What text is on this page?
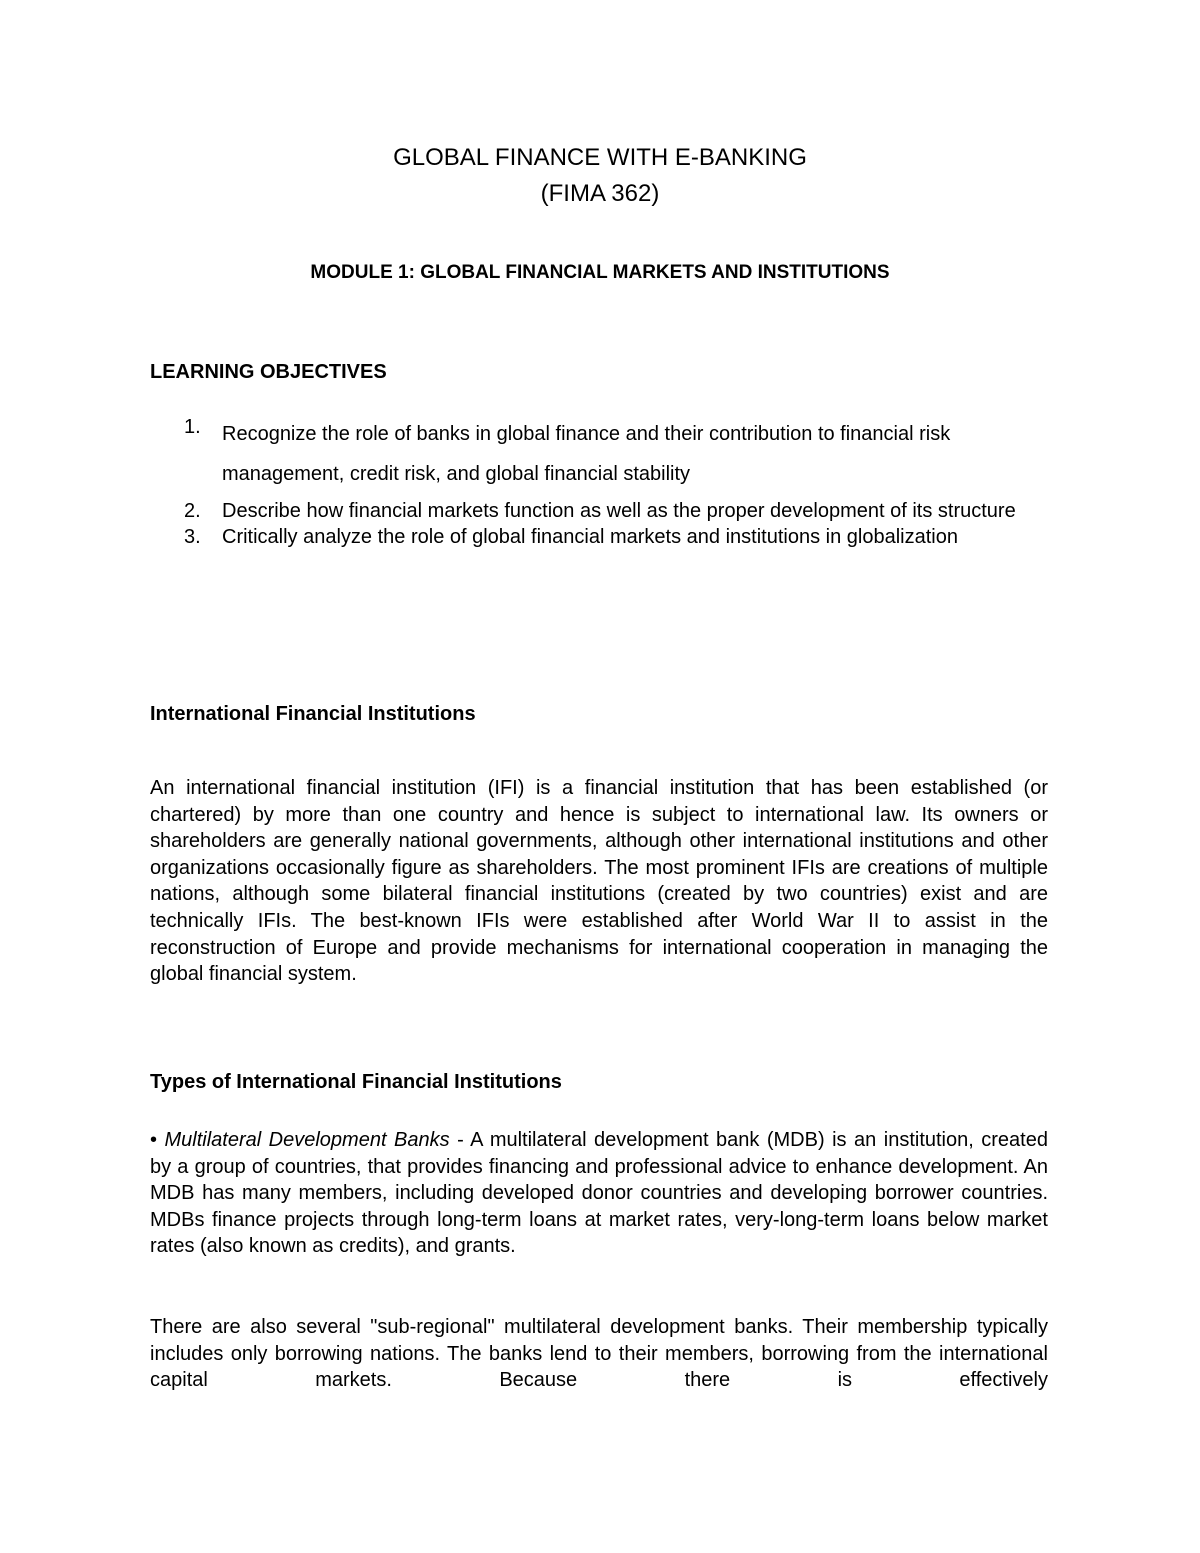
GLOBAL FINANCE WITH E-BANKING
(FIMA 362)
MODULE 1: GLOBAL FINANCIAL MARKETS AND INSTITUTIONS
LEARNING OBJECTIVES
1. Recognize the role of banks in global finance and their contribution to financial risk management, credit risk, and global financial stability
2. Describe how financial markets function as well as the proper development of its structure
3. Critically analyze the role of global financial markets and institutions in globalization
International Financial Institutions

An international financial institution (IFI) is a financial institution that has been established (or chartered) by more than one country and hence is subject to international law. Its owners or shareholders are generally national governments, although other international institutions and other organizations occasionally figure as shareholders. The most prominent IFIs are creations of multiple nations, although some bilateral financial institutions (created by two countries) exist and are technically IFIs. The best-known IFIs were established after World War II to assist in the reconstruction of Europe and provide mechanisms for international cooperation in managing the global financial system.

Types of International Financial Institutions

• Multilateral Development Banks - A multilateral development bank (MDB) is an institution, created by a group of countries, that provides financing and professional advice to enhance development. An MDB has many members, including developed donor countries and developing borrower countries. MDBs finance projects through long-term loans at market rates, very-long-term loans below market rates (also known as credits), and grants.

There are also several "sub-regional" multilateral development banks. Their membership typically includes only borrowing nations. The banks lend to their members, borrowing from the international capital markets. Because there is effectively
